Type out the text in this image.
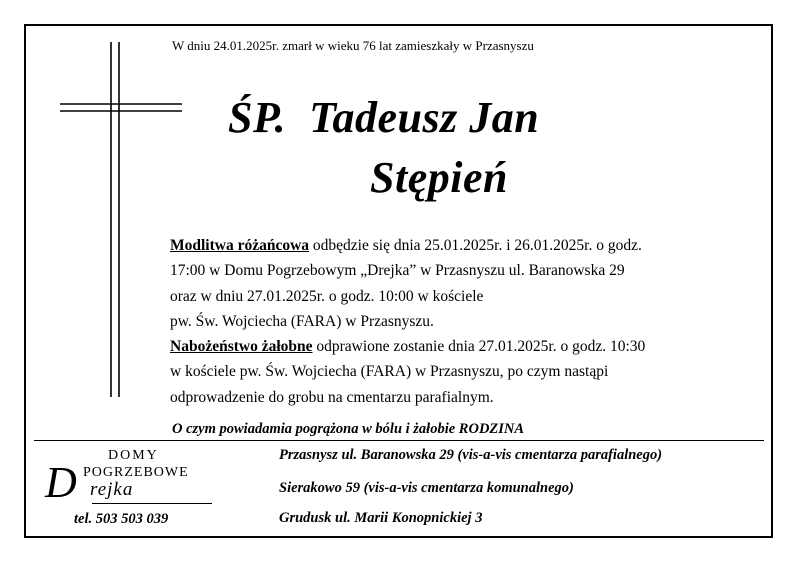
W dniu 24.01.2025r. zmarł w wieku 76 lat zamieszkały w Przasnyszu
ŚP.  Tadeusz Jan
Stępień
Modlitwa różańcowa odbędzie się dnia 25.01.2025r. i 26.01.2025r. o godz.
17:00 w Domu Pogrzebowym „Drejka” w Przasnyszu ul. Baranowska 29
oraz w dniu 27.01.2025r. o godz. 10:00 w kościele
pw. Św. Wojciecha (FARA) w Przasnyszu.
Nabożeństwo żałobne odprawione zostanie dnia 27.01.2025r. o godz. 10:30
w kościele pw. Św. Wojciecha (FARA) w Przasnyszu, po czym nastąpi
odprowadzenie do grobu na cmentarzu parafialnym.
O czym powiadamia pogrążona w bólu i żałobie RODZINA
DOMY
POGRZEBOWE
D rejka
tel. 503 503 039
Przasnysz ul. Baranowska 29 (vis-a-vis cmentarza parafialnego)
Sierakowo 59 (vis-a-vis cmentarza komunalnego)
Grudusk ul. Marii Konopnickiej 3
